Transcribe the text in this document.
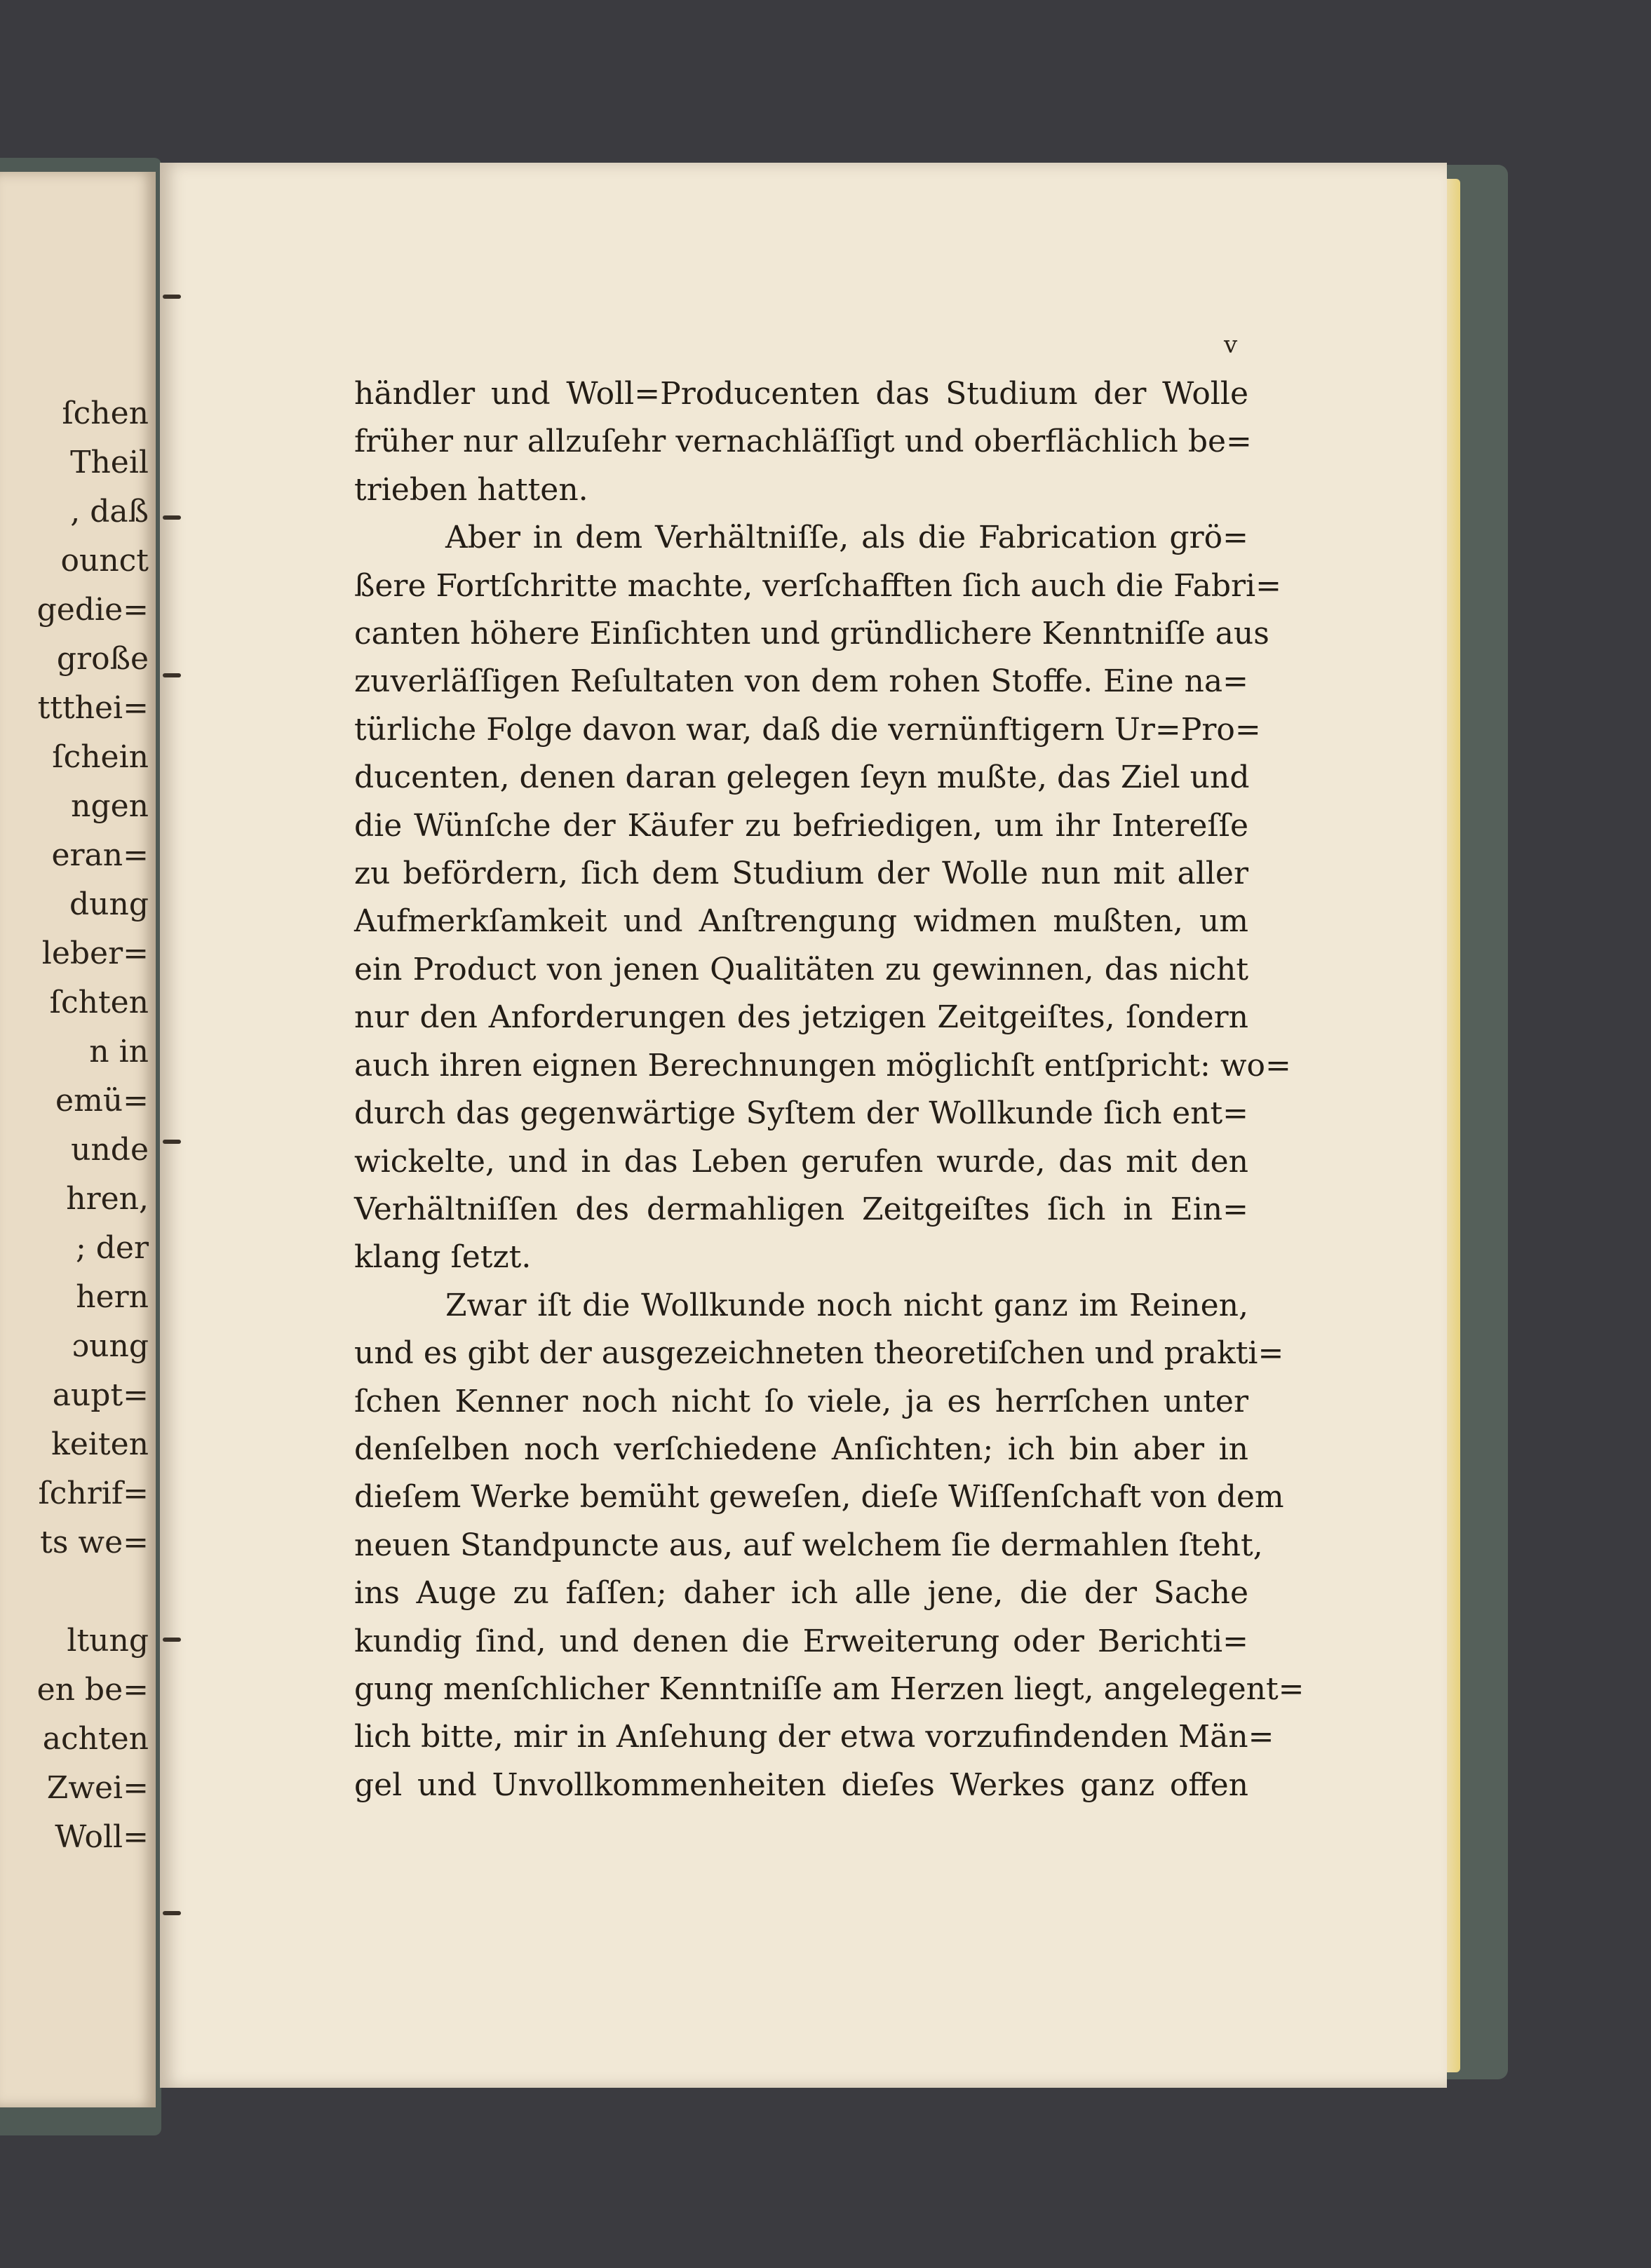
ſchen
Theil
, daß
ounct
gedie=
große
ttthei=
ſchein
ngen
eran=
dung
leber=
ſchten
n in
emü=
unde
hren,
; der
hern
ɔung
aupt=
keiten
ſchrif=
ts we=

ltung
en be=
achten
Zwei=
Woll=
v
händler und Woll=Producenten das Studium der Wolle
früher nur allzuſehr vernachläſſigt und oberflächlich be=
trieben hatten.
Aber in dem Verhältniſſe, als die Fabrication grö=
ßere Fortſchritte machte, verſchafften ſich auch die Fabri=
canten höhere Einſichten und gründlichere Kenntniſſe aus
zuverläſſigen Reſultaten von dem rohen Stoffe. Eine na=
türliche Folge davon war, daß die vernünftigern Ur=Pro=
ducenten, denen daran gelegen ſeyn mußte, das Ziel und
die Wünſche der Käufer zu befriedigen, um ihr Intereſſe
zu befördern, ſich dem Studium der Wolle nun mit aller
Aufmerkſamkeit und Anſtrengung widmen mußten, um
ein Product von jenen Qualitäten zu gewinnen, das nicht
nur den Anforderungen des jetzigen Zeitgeiſtes, ſondern
auch ihren eignen Berechnungen möglichſt entſpricht: wo=
durch das gegenwärtige Syſtem der Wollkunde ſich ent=
wickelte, und in das Leben gerufen wurde, das mit den
Verhältniſſen des dermahligen Zeitgeiſtes ſich in Ein=
klang ſetzt.
Zwar iſt die Wollkunde noch nicht ganz im Reinen,
und es gibt der ausgezeichneten theoretiſchen und prakti=
ſchen Kenner noch nicht ſo viele, ja es herrſchen unter
denſelben noch verſchiedene Anſichten; ich bin aber in
dieſem Werke bemüht geweſen, dieſe Wiſſenſchaft von dem
neuen Standpuncte aus, auf welchem ſie dermahlen ſteht,
ins Auge zu faſſen; daher ich alle jene, die der Sache
kundig ſind, und denen die Erweiterung oder Berichti=
gung menſchlicher Kenntniſſe am Herzen liegt, angelegent=
lich bitte, mir in Anſehung der etwa vorzufindenden Män=
gel und Unvollkommenheiten dieſes Werkes ganz offen
